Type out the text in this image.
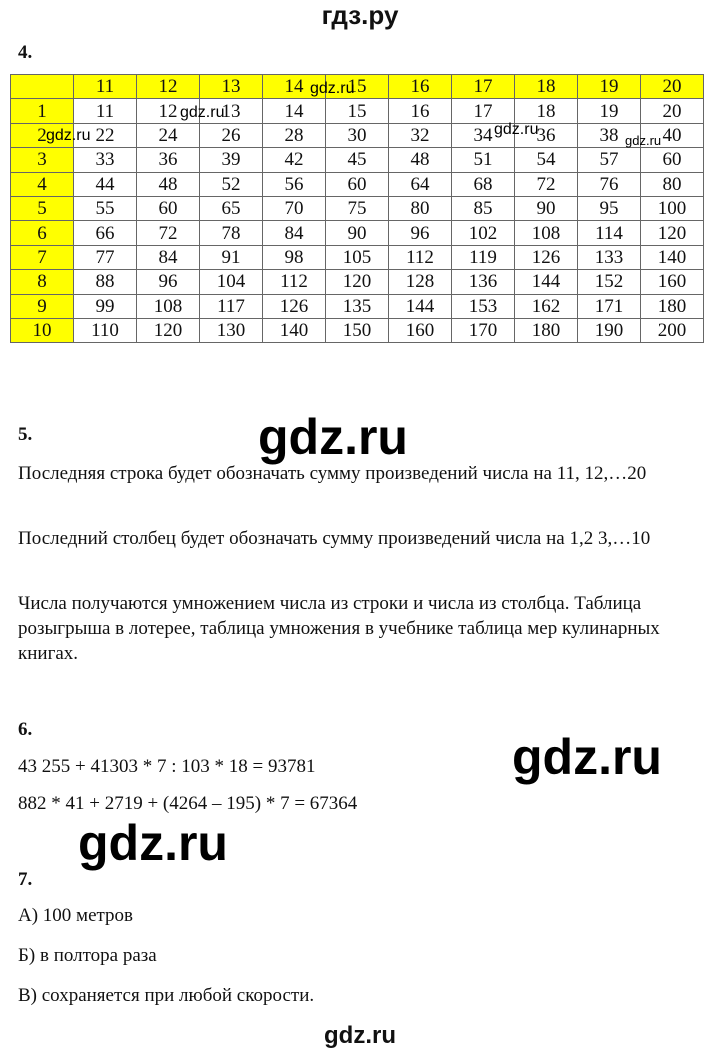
гдз.ру
4.
	11	12	13	14	15	16	17	18	19	20
1	11	12	13	14	15	16	17	18	19	20
2	22	24	26	28	30	32	34	36	38	40
3	33	36	39	42	45	48	51	54	57	60
4	44	48	52	56	60	64	68	72	76	80
5	55	60	65	70	75	80	85	90	95	100
6	66	72	78	84	90	96	102	108	114	120
7	77	84	91	98	105	112	119	126	133	140
8	88	96	104	112	120	128	136	144	152	160
9	99	108	117	126	135	144	153	162	171	180
10	110	120	130	140	150	160	170	180	190	200
5.
Последняя строка будет обозначать сумму произведений числа на 11, 12,…20
Последний столбец будет обозначать сумму произведений числа на 1,2 3,…10
Числа получаются умножением числа из строки и числа из столбца. Таблица розыгрыша в лотерее, таблица умножения в учебнике таблица мер кулинарных книгах.
6.
43 255 + 41303 * 7 : 103 * 18 = 93781
882 * 41 + 2719 + (4264 – 195) * 7 = 67364
7.
А) 100 метров
Б) в полтора раза
В) сохраняется при любой скорости.
gdz.ru
gdz.ru
gdz.ru
gdz.ru
gdz.ru
gdz.ru	gdz.ru
gdz.ru
gdz.ru
